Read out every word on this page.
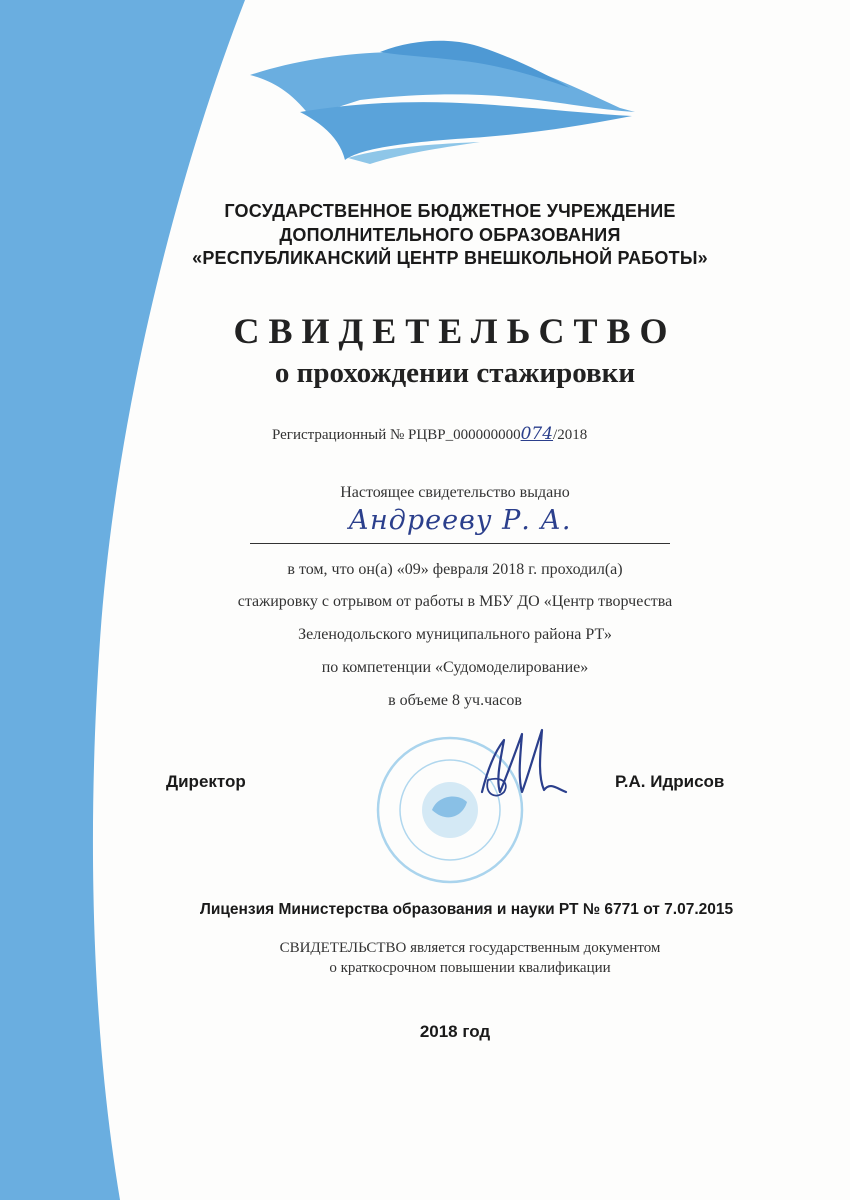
ГОСУДАРСТВЕННОЕ БЮДЖЕТНОЕ УЧРЕЖДЕНИЕ
ДОПОЛНИТЕЛЬНОГО ОБРАЗОВАНИЯ
«РЕСПУБЛИКАНСКИЙ ЦЕНТР ВНЕШКОЛЬНОЙ РАБОТЫ»
СВИДЕТЕЛЬСТВО
о прохождении стажировки
Регистрационный № РЦВР_000000000074/2018
Настоящее свидетельство выдано
Андрееву Р. А.
в том, что он(а) «09» февраля 2018 г. проходил(а)
стажировку с отрывом от работы в МБУ ДО «Центр творчества
Зеленодольского муниципального района РТ»
по компетенции «Судомоделирование»
в объеме 8 уч.часов
Директор	Р.А. Идрисов
Лицензия Министерства образования и науки РТ № 6771 от 7.07.2015
СВИДЕТЕЛЬСТВО является государственным документом
о краткосрочном повышении квалификации
2018 год
